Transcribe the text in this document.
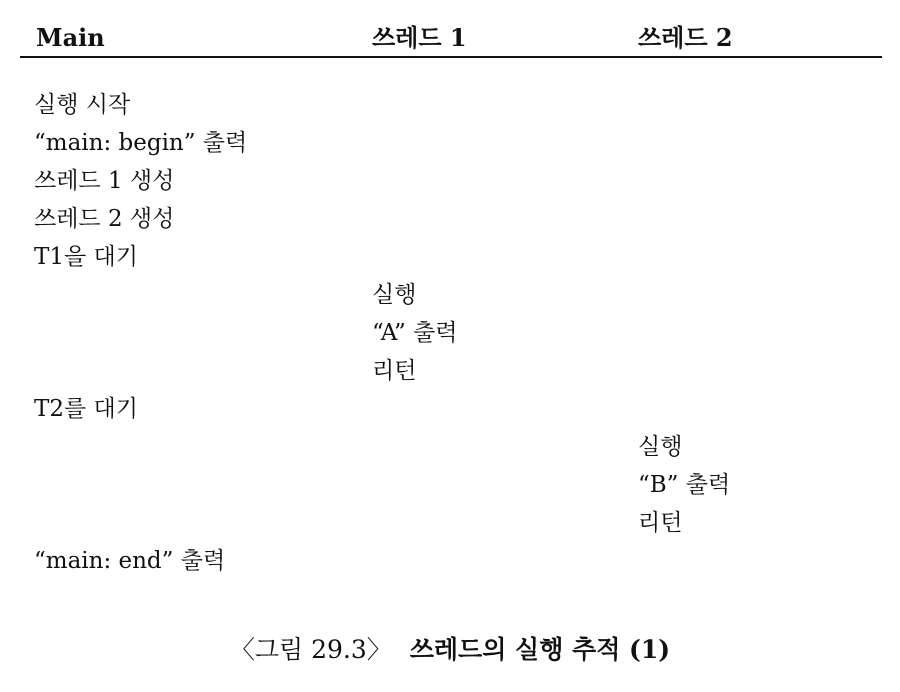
Main	쓰레드 1	쓰레드 2
실행 시작
“main: begin” 출력
쓰레드 1 생성
쓰레드 2 생성
T1을 대기
실행
“A” 출력
리턴
T2를 대기
실행
“B” 출력
리턴
“main: end” 출력
〈그림 29.3〉 쓰레드의 실행 추적 (1)
